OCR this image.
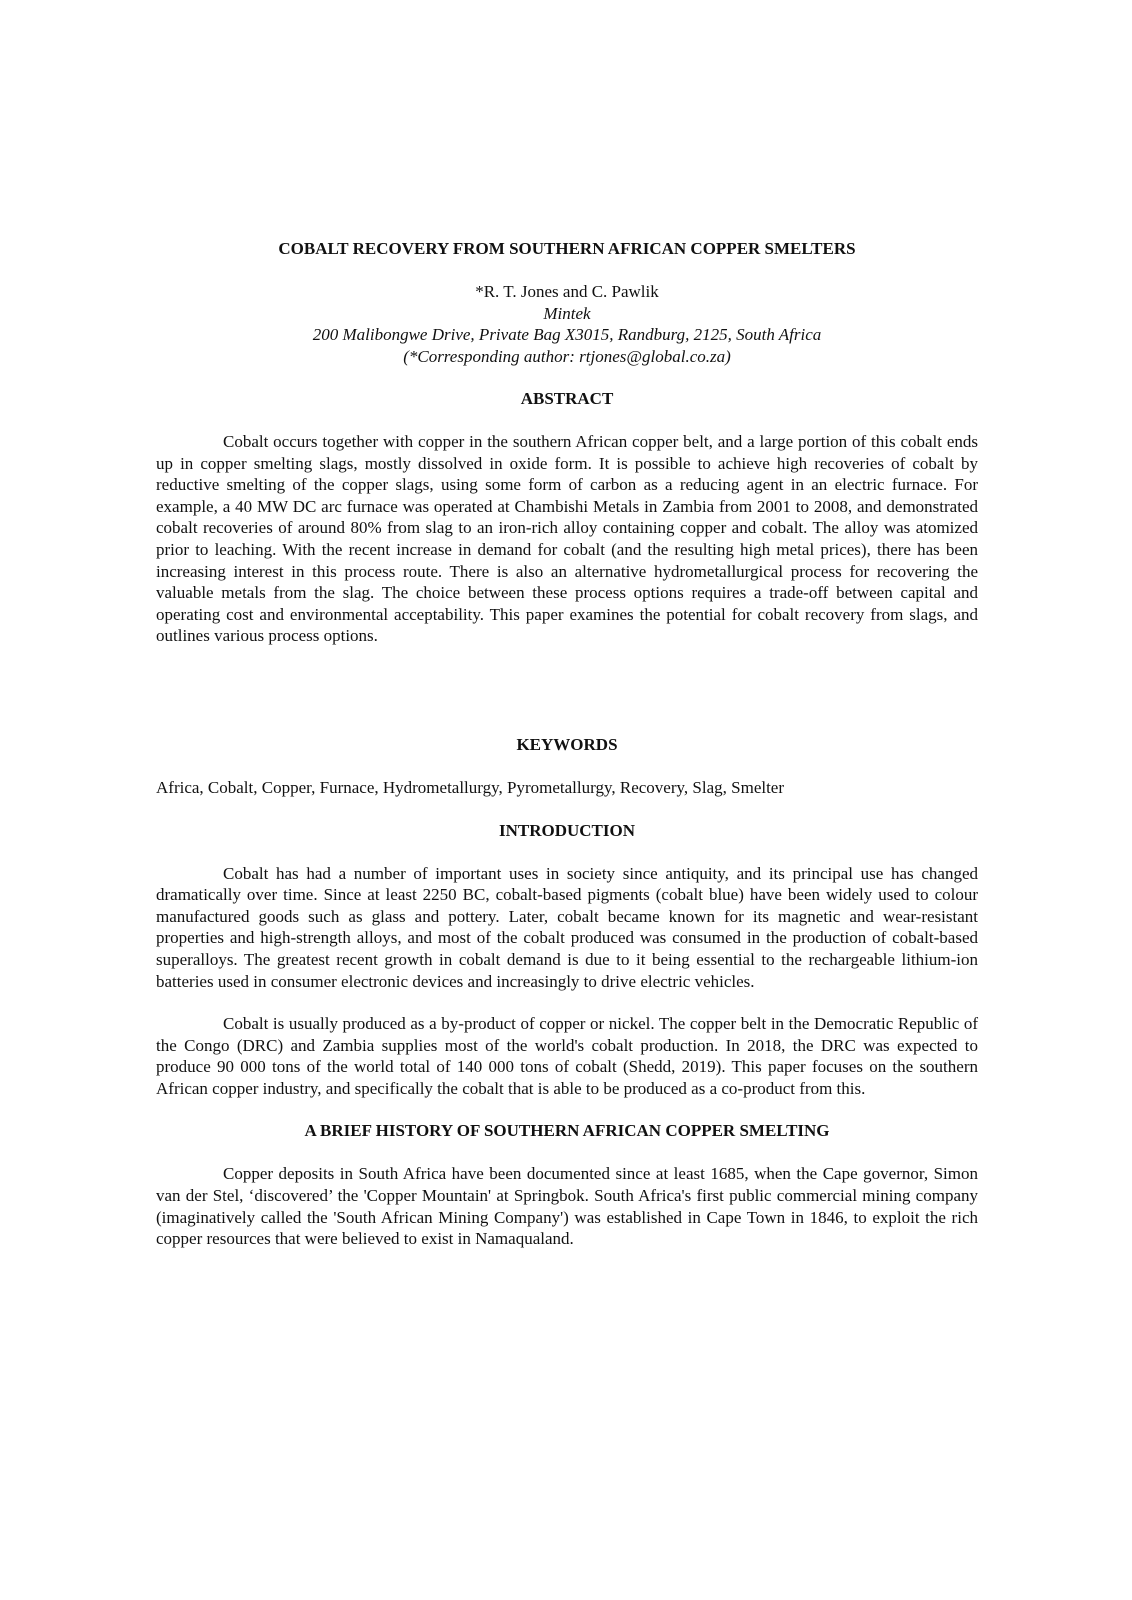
COBALT RECOVERY FROM SOUTHERN AFRICAN COPPER SMELTERS
*R. T. Jones and C. Pawlik
Mintek
200 Malibongwe Drive, Private Bag X3015, Randburg, 2125, South Africa
(*Corresponding author: rtjones@global.co.za)
ABSTRACT

Cobalt occurs together with copper in the southern African copper belt, and a large portion of this cobalt ends up in copper smelting slags, mostly dissolved in oxide form. It is possible to achieve high recoveries of cobalt by reductive smelting of the copper slags, using some form of carbon as a reducing agent in an electric furnace. For example, a 40 MW DC arc furnace was operated at Chambishi Metals in Zambia from 2001 to 2008, and demonstrated cobalt recoveries of around 80% from slag to an iron-rich alloy containing copper and cobalt. The alloy was atomized prior to leaching. With the recent increase in demand for cobalt (and the resulting high metal prices), there has been increasing interest in this process route. There is also an alternative hydrometallurgical process for recovering the valuable metals from the slag. The choice between these process options requires a trade-off between capital and operating cost and environmental acceptability. This paper examines the potential for cobalt recovery from slags, and outlines various process options.

KEYWORDS

Africa, Cobalt, Copper, Furnace, Hydrometallurgy, Pyrometallurgy, Recovery, Slag, Smelter

INTRODUCTION

Cobalt has had a number of important uses in society since antiquity, and its principal use has changed dramatically over time. Since at least 2250 BC, cobalt-based pigments (cobalt blue) have been widely used to colour manufactured goods such as glass and pottery. Later, cobalt became known for its magnetic and wear-resistant properties and high-strength alloys, and most of the cobalt produced was consumed in the production of cobalt-based superalloys. The greatest recent growth in cobalt demand is due to it being essential to the rechargeable lithium-ion batteries used in consumer electronic devices and increasingly to drive electric vehicles.

Cobalt is usually produced as a by-product of copper or nickel. The copper belt in the Democratic Republic of the Congo (DRC) and Zambia supplies most of the world's cobalt production. In 2018, the DRC was expected to produce 90 000 tons of the world total of 140 000 tons of cobalt (Shedd, 2019). This paper focuses on the southern African copper industry, and specifically the cobalt that is able to be produced as a co-product from this.

A BRIEF HISTORY OF SOUTHERN AFRICAN COPPER SMELTING

Copper deposits in South Africa have been documented since at least 1685, when the Cape governor, Simon van der Stel, ‘discovered’ the 'Copper Mountain' at Springbok. South Africa's first public commercial mining company (imaginatively called the 'South African Mining Company') was established in Cape Town in 1846, to exploit the rich copper resources that were believed to exist in Namaqualand.
